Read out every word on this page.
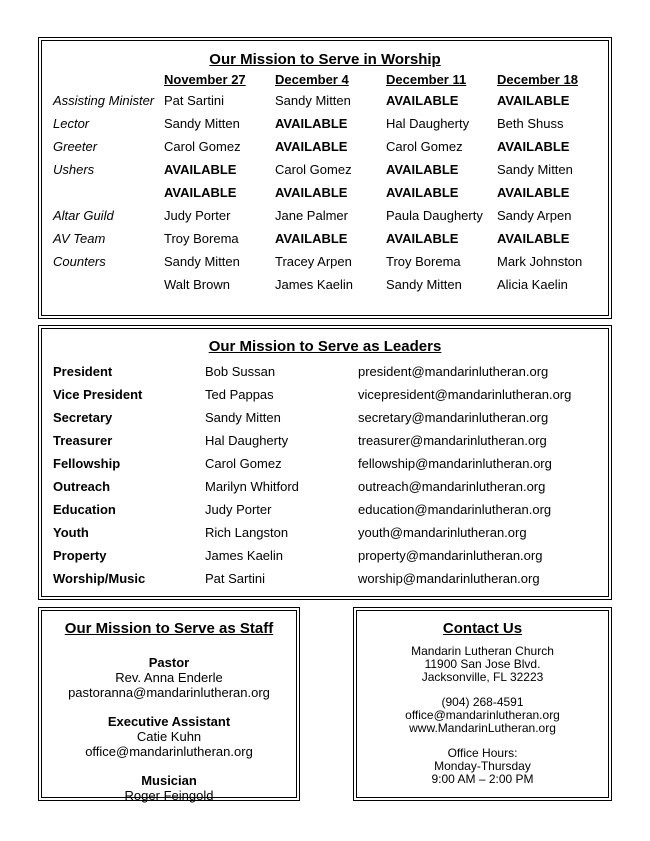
Our Mission to Serve in Worship
	November 27	December 4	December 11	December 18
Assisting Minister	Pat Sartini	Sandy Mitten	AVAILABLE	AVAILABLE
Lector	Sandy Mitten	AVAILABLE	Hal Daugherty	Beth Shuss
Greeter	Carol Gomez	AVAILABLE	Carol Gomez	AVAILABLE
Ushers	AVAILABLE	Carol Gomez	AVAILABLE	Sandy Mitten
	AVAILABLE	AVAILABLE	AVAILABLE	AVAILABLE
Altar Guild	Judy Porter	Jane Palmer	Paula Daugherty	Sandy Arpen
AV Team	Troy Borema	AVAILABLE	AVAILABLE	AVAILABLE
Counters	Sandy Mitten	Tracey Arpen	Troy Borema	Mark Johnston
	Walt Brown	James Kaelin	Sandy Mitten	Alicia Kaelin
Our Mission to Serve as Leaders
President	Bob Sussan	president@mandarinlutheran.org
Vice President	Ted Pappas	vicepresident@mandarinlutheran.org
Secretary	Sandy Mitten	secretary@mandarinlutheran.org
Treasurer	Hal Daugherty	treasurer@mandarinlutheran.org
Fellowship	Carol Gomez	fellowship@mandarinlutheran.org
Outreach	Marilyn Whitford	outreach@mandarinlutheran.org
Education	Judy Porter	education@mandarinlutheran.org
Youth	Rich Langston	youth@mandarinlutheran.org
Property	James Kaelin	property@mandarinlutheran.org
Worship/Music	Pat Sartini	worship@mandarinlutheran.org
Our Mission to Serve as Staff
Pastor
Rev. Anna Enderle
pastoranna@mandarinlutheran.org
Executive Assistant
Catie Kuhn
office@mandarinlutheran.org
Musician
Roger Feingold
Contact Us
Mandarin Lutheran Church
11900 San Jose Blvd.
Jacksonville, FL 32223
(904) 268-4591
office@mandarinlutheran.org
www.MandarinLutheran.org
Office Hours:
Monday-Thursday
9:00 AM – 2:00 PM
